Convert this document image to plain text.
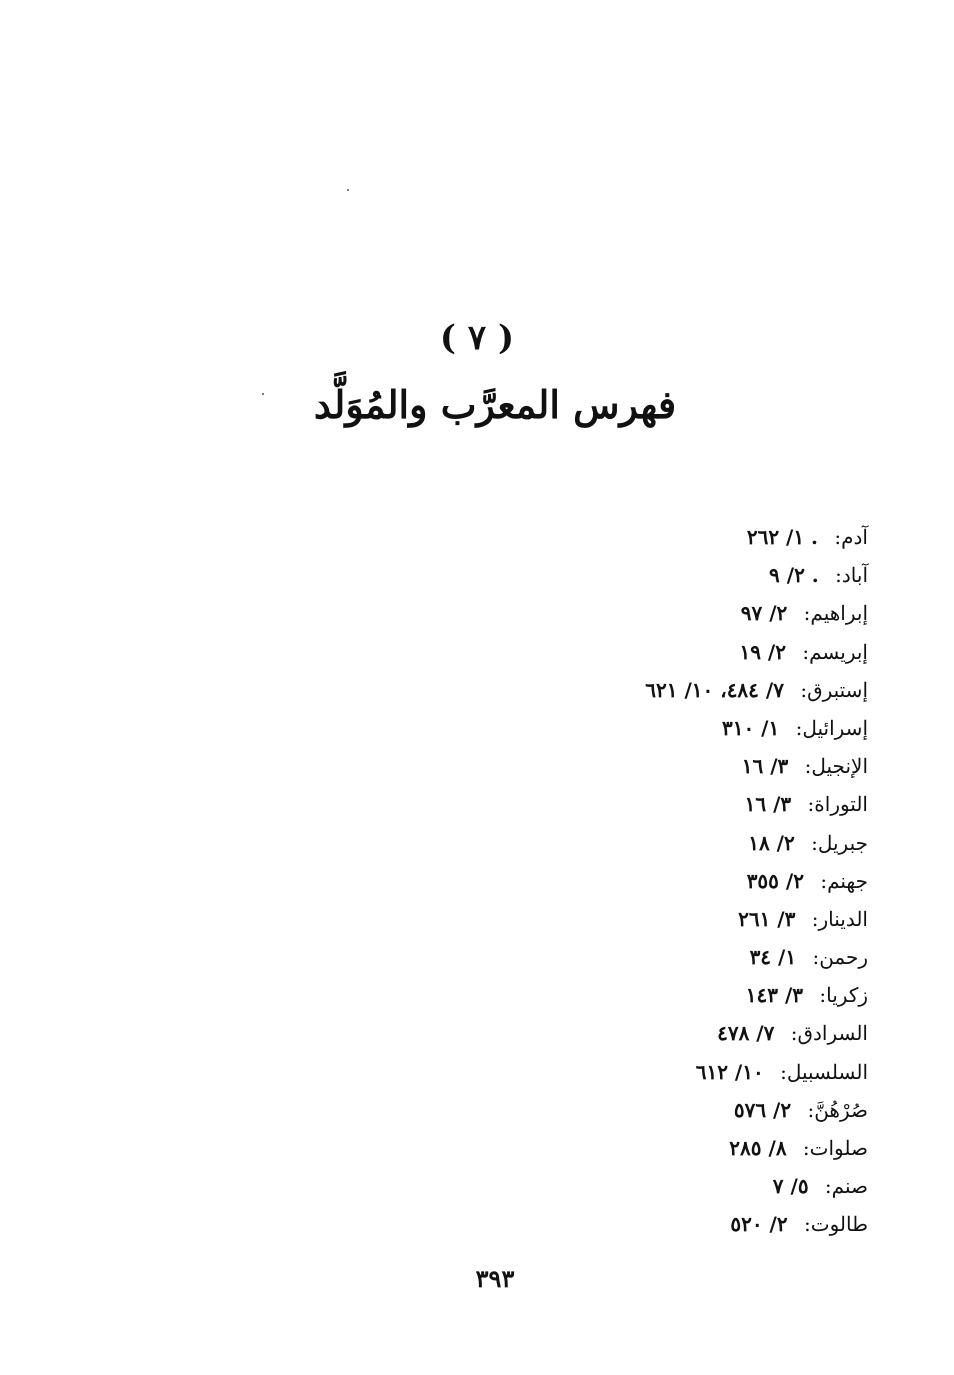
( ٧ )
فهرس المعرَّب والمُوَلَّد
آدم: ١/ ٢٦٢ .
آباد: ٢/ ٩ .
إبراهيم: ٢/ ٩٧
إبريسم: ٢/ ١٩
إستبرق: ٧/ ٤٨٤، ١٠/ ٦٢١
إسرائيل: ١/ ٣١٠
الإنجيل: ٣/ ١٦
التوراة: ٣/ ١٦
جبريل: ٢/ ١٨
جهنم: ٢/ ٣٥٥
الدينار: ٣/ ٢٦١
رحمن: ١/ ٣٤
زكريا: ٣/ ١٤٣
السرادق: ٧/ ٤٧٨
السلسبيل: ١٠/ ٦١٢
صُرْهُنَّ: ٢/ ٥٧٦
صلوات: ٨/ ٢٨٥
صنم: ٥/ ٧
طالوت: ٢/ ٥٢٠
٣٩٣
